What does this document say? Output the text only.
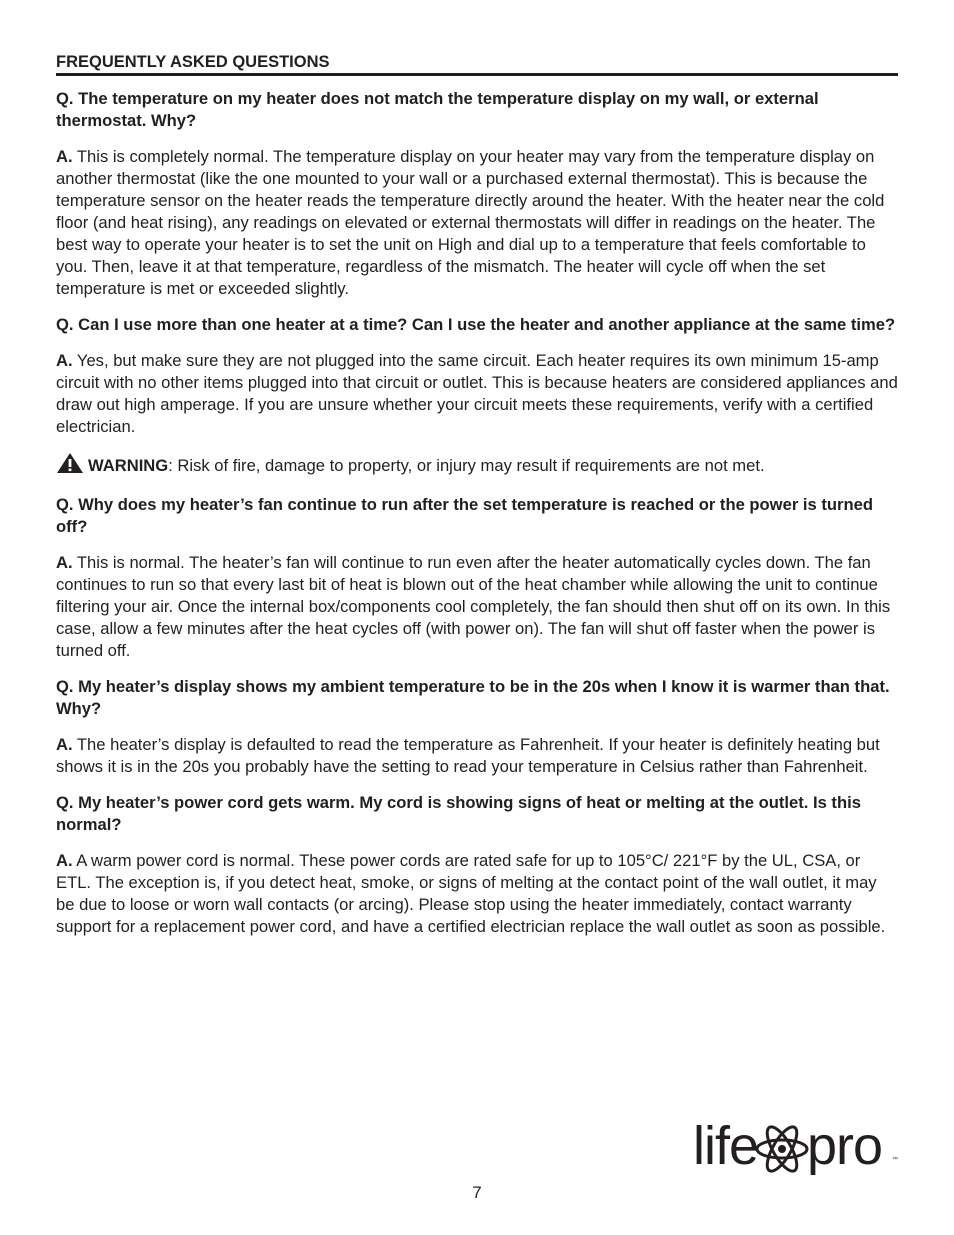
FREQUENTLY ASKED QUESTIONS

Q. The temperature on my heater does not match the temperature display on my wall, or external thermostat. Why?

A. This is completely normal. The temperature display on your heater may vary from the temperature display on another thermostat (like the one mounted to your wall or a purchased external thermostat). This is because the temperature sensor on the heater reads the temperature directly around the heater. With the heater near the cold floor (and heat rising), any readings on elevated or external thermostats will differ in readings on the heater. The best way to operate your heater is to set the unit on High and dial up to a temperature that feels comfortable to you. Then, leave it at that temperature, regardless of the mismatch. The heater will cycle off when the set temperature is met or exceeded slightly.

Q. Can I use more than one heater at a time? Can I use the heater and another appliance at the same time?

A. Yes, but make sure they are not plugged into the same circuit. Each heater requires its own minimum 15-amp circuit with no other items plugged into that circuit or outlet. This is because heaters are considered appliances and draw out high amperage. If you are unsure whether your circuit meets these requirements, verify with a certified electrician.

WARNING: Risk of fire, damage to property, or injury may result if requirements are not met.

Q. Why does my heater’s fan continue to run after the set temperature is reached or the power is turned off?

A. This is normal. The heater’s fan will continue to run even after the heater automatically cycles down. The fan continues to run so that every last bit of heat is blown out of the heat chamber while allowing the unit to continue filtering your air. Once the internal box/components cool completely, the fan should then shut off on its own. In this case, allow a few minutes after the heat cycles off (with power on). The fan will shut off faster when the power is turned off.

Q. My heater’s display shows my ambient temperature to be in the 20s when I know it is warmer than that. Why?

A. The heater’s display is defaulted to read the temperature as Fahrenheit. If your heater is definitely heating but shows it is in the 20s you probably have the setting to read your temperature in Celsius rather than Fahrenheit.

Q. My heater’s power cord gets warm. My cord is showing signs of heat or melting at the outlet. Is this normal?

A. A warm power cord is normal. These power cords are rated safe for up to 105°C/ 221°F by the UL, CSA, or ETL. The exception is, if you detect heat, smoke, or signs of melting at the contact point of the wall outlet, it may be due to loose or worn wall contacts (or arcing). Please stop using the heater immediately, contact warranty support for a replacement power cord, and have a certified electrician replace the wall outlet as soon as possible.

life pro ™
7
